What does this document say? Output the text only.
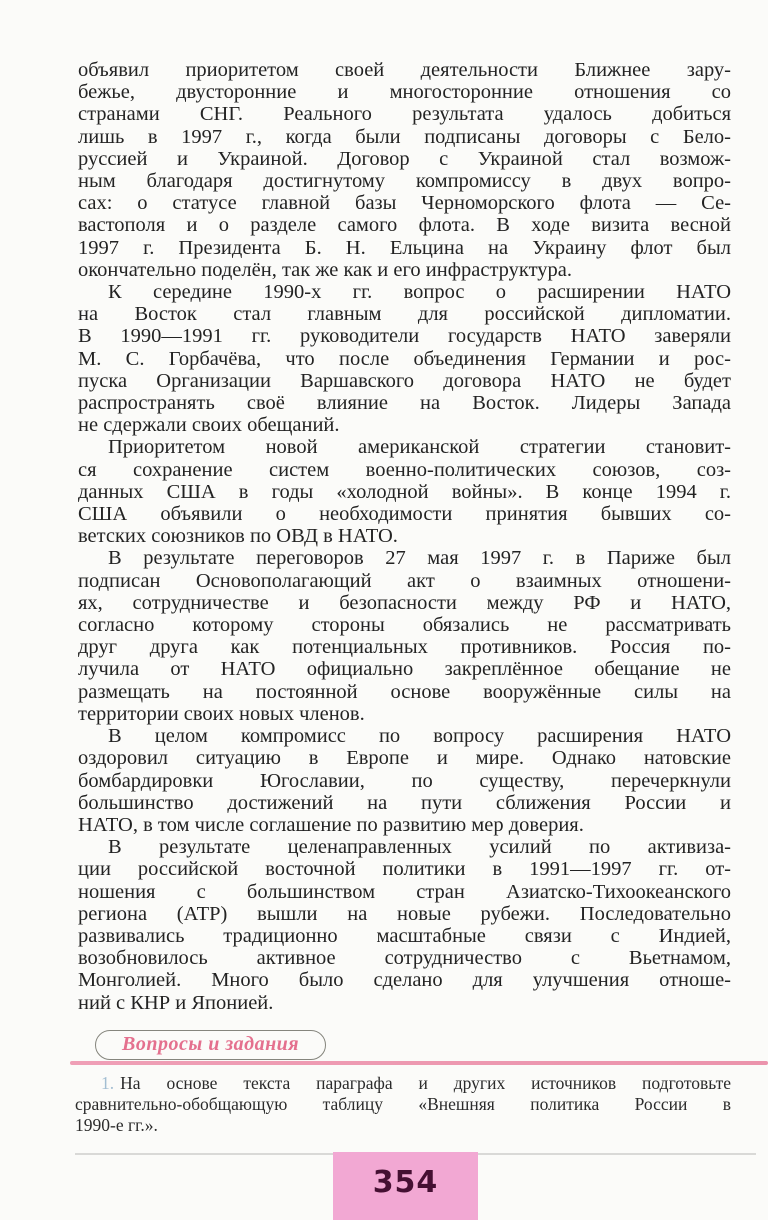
объявил приоритетом своей деятельности Ближнее зару-
бежье, двусторонние и многосторонние отношения со
странами СНГ. Реального результата удалось добиться
лишь в 1997 г., когда были подписаны договоры с Бело-
руссией и Украиной. Договор с Украиной стал возмож-
ным благодаря достигнутому компромиссу в двух вопро-
сах: о статусе главной базы Черноморского флота — Се-
вастополя и о разделе самого флота. В ходе визита весной
1997 г. Президента Б. Н. Ельцина на Украину флот был
окончательно поделён, так же как и его инфраструктура.

К середине 1990-х гг. вопрос о расширении НАТО
на Восток стал главным для российской дипломатии.
В 1990—1991 гг. руководители государств НАТО заверяли
М. С. Горбачёва, что после объединения Германии и рос-
пуска Организации Варшавского договора НАТО не будет
распространять своё влияние на Восток. Лидеры Запада
не сдержали своих обещаний.

Приоритетом новой американской стратегии становит-
ся сохранение систем военно-политических союзов, соз-
данных США в годы «холодной войны». В конце 1994 г.
США объявили о необходимости принятия бывших со-
ветских союзников по ОВД в НАТО.

В результате переговоров 27 мая 1997 г. в Париже был
подписан Основополагающий акт о взаимных отношени-
ях, сотрудничестве и безопасности между РФ и НАТО,
согласно которому стороны обязались не рассматривать
друг друга как потенциальных противников. Россия по-
лучила от НАТО официально закреплённое обещание не
размещать на постоянной основе вооружённые силы на
территории своих новых членов.

В целом компромисс по вопросу расширения НАТО
оздоровил ситуацию в Европе и мире. Однако натовские
бомбардировки Югославии, по существу, перечеркнули
большинство достижений на пути сближения России и
НАТО, в том числе соглашение по развитию мер доверия.

В результате целенаправленных усилий по активиза-
ции российской восточной политики в 1991—1997 гг. от-
ношения с большинством стран Азиатско-Тихоокеанского
региона (АТР) вышли на новые рубежи. Последовательно
развивались традиционно масштабные связи с Индией,
возобновилось активное сотрудничество с Вьетнамом,
Монголией. Много было сделано для улучшения отноше-
ний с КНР и Японией.

Вопросы и задания
1. На основе текста параграфа и других источников подготовьте
сравнительно-обобщающую таблицу «Внешняя политика России в
1990-е гг.».
354
